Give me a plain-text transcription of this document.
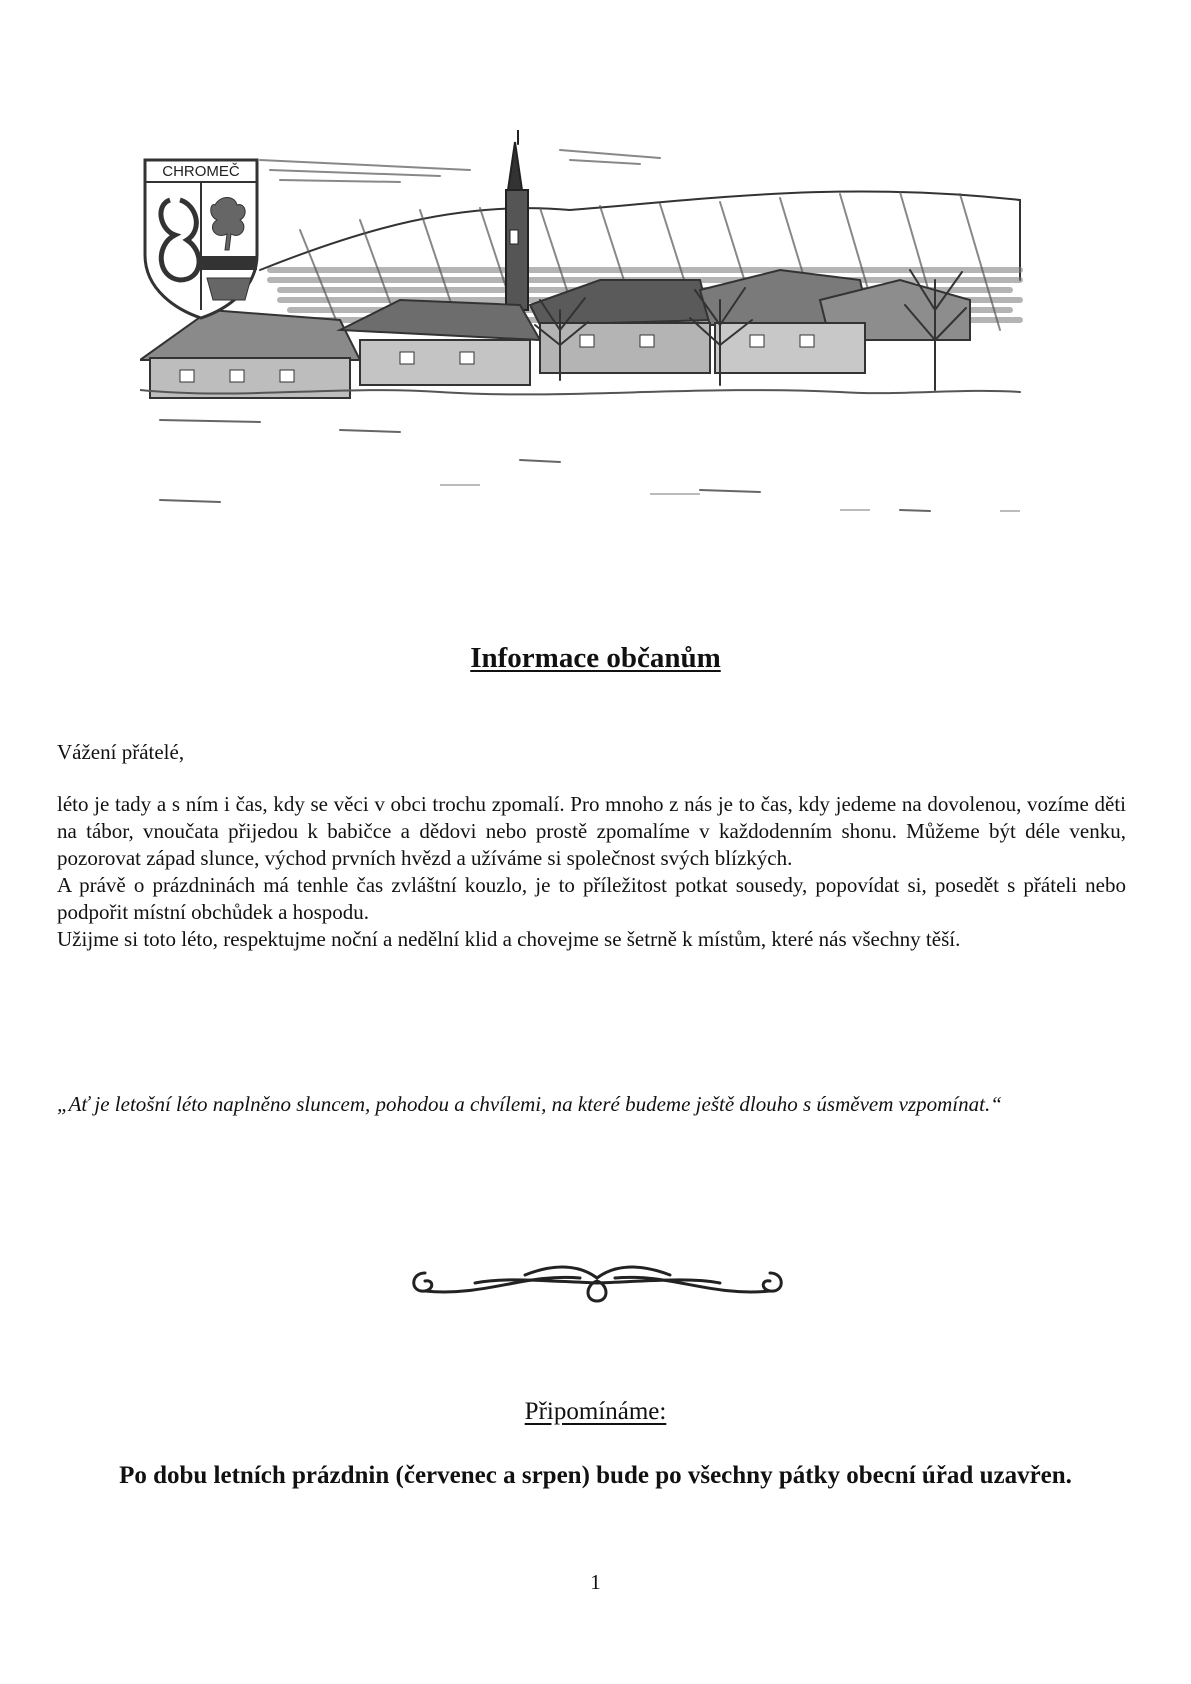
CHROMEČ
Informace občanům
Vážení přátelé,

léto je tady a s ním i čas, kdy se věci v obci trochu zpomalí. Pro mnoho z nás je to čas, kdy jedeme na dovolenou, vozíme děti na tábor, vnoučata přijedou k babičce a dědovi nebo prostě zpomalíme v každodenním shonu. Můžeme být déle venku, pozorovat západ slunce, východ prvních hvězd a užíváme si společnost svých blízkých.

A právě o prázdninách má tenhle čas zvláštní kouzlo, je to příležitost potkat sousedy, popovídat si, posedět s přáteli nebo podpořit místní obchůdek a hospodu.

Užijme si toto léto, respektujme noční a nedělní klid a chovejme se šetrně k místům, které nás všechny těší.

„Ať je letošní léto naplněno sluncem, pohodou a chvílemi, na které budeme ještě dlouho s úsměvem vzpomínat.“
Připomínáme:
Po dobu letních prázdnin (červenec a srpen) bude po všechny pátky obecní úřad uzavřen.
1
